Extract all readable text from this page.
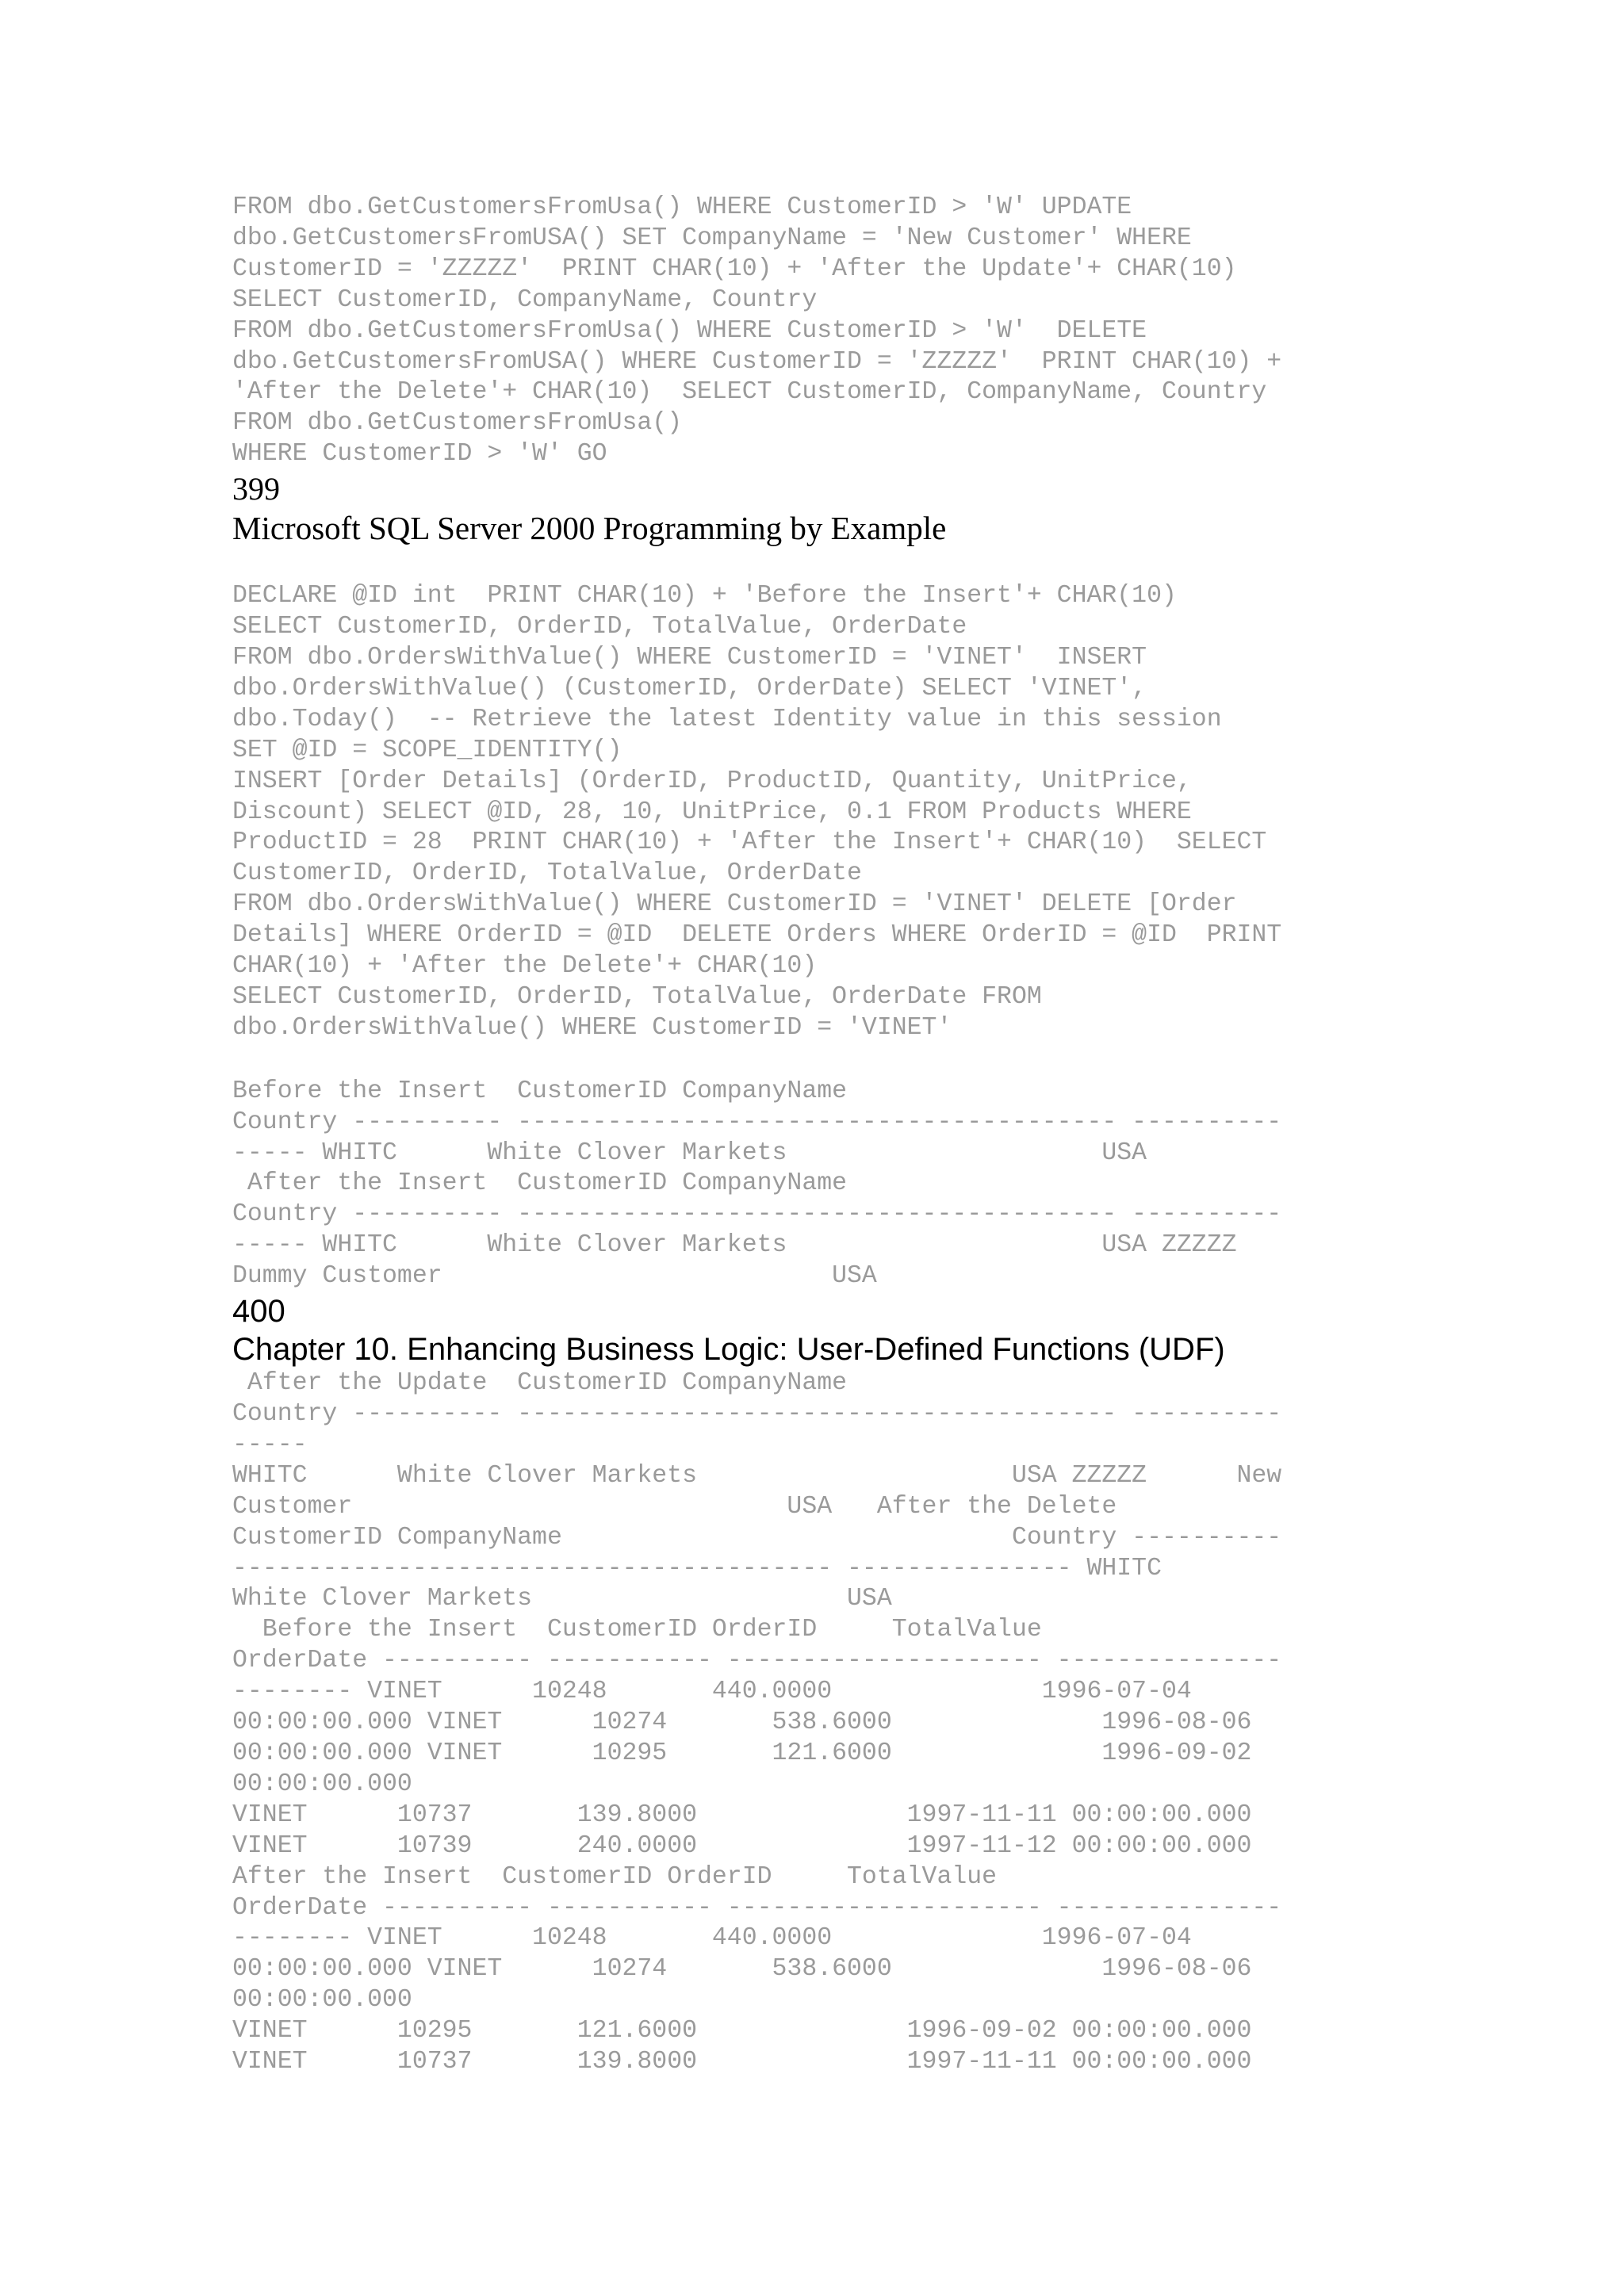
FROM dbo.GetCustomersFromUsa() WHERE CustomerID > 'W' UPDATE
dbo.GetCustomersFromUSA() SET CompanyName = 'New Customer' WHERE
CustomerID = 'ZZZZZ'  PRINT CHAR(10) + 'After the Update'+ CHAR(10)
SELECT CustomerID, CompanyName, Country
FROM dbo.GetCustomersFromUsa() WHERE CustomerID > 'W'  DELETE
dbo.GetCustomersFromUSA() WHERE CustomerID = 'ZZZZZ'  PRINT CHAR(10) +
'After the Delete'+ CHAR(10)  SELECT CustomerID, CompanyName, Country
FROM dbo.GetCustomersFromUsa()
WHERE CustomerID > 'W' GO
399
Microsoft SQL Server 2000 Programming by Example
DECLARE @ID int  PRINT CHAR(10) + 'Before the Insert'+ CHAR(10)
SELECT CustomerID, OrderID, TotalValue, OrderDate
FROM dbo.OrdersWithValue() WHERE CustomerID = 'VINET'  INSERT
dbo.OrdersWithValue() (CustomerID, OrderDate) SELECT 'VINET',
dbo.Today()  -- Retrieve the latest Identity value in this session
SET @ID = SCOPE_IDENTITY()
INSERT [Order Details] (OrderID, ProductID, Quantity, UnitPrice,
Discount) SELECT @ID, 28, 10, UnitPrice, 0.1 FROM Products WHERE
ProductID = 28  PRINT CHAR(10) + 'After the Insert'+ CHAR(10)  SELECT
CustomerID, OrderID, TotalValue, OrderDate
FROM dbo.OrdersWithValue() WHERE CustomerID = 'VINET' DELETE [Order
Details] WHERE OrderID = @ID  DELETE Orders WHERE OrderID = @ID  PRINT
CHAR(10) + 'After the Delete'+ CHAR(10)
SELECT CustomerID, OrderID, TotalValue, OrderDate FROM
dbo.OrdersWithValue() WHERE CustomerID = 'VINET'
Before the Insert  CustomerID CompanyName
Country ---------- ---------------------------------------- ----------
----- WHITC      White Clover Markets                     USA
After the Insert  CustomerID CompanyName
Country ---------- ---------------------------------------- ----------
----- WHITC      White Clover Markets                     USA ZZZZZ
Dummy Customer                          USA
400
Chapter 10. Enhancing Business Logic: User-Defined Functions (UDF)
After the Update  CustomerID CompanyName
Country ---------- ---------------------------------------- ----------
-----
WHITC      White Clover Markets                     USA ZZZZZ      New
Customer                             USA   After the Delete
CustomerID CompanyName                              Country ----------
---------------------------------------- --------------- WHITC
White Clover Markets                     USA
Before the Insert  CustomerID OrderID     TotalValue
OrderDate ---------- ----------- --------------------- ---------------
-------- VINET      10248       440.0000              1996-07-04
00:00:00.000 VINET      10274       538.6000              1996-08-06
00:00:00.000 VINET      10295       121.6000              1996-09-02
00:00:00.000
VINET      10737       139.8000              1997-11-11 00:00:00.000
VINET      10739       240.0000              1997-11-12 00:00:00.000
After the Insert  CustomerID OrderID     TotalValue
OrderDate ---------- ----------- --------------------- ---------------
-------- VINET      10248       440.0000              1996-07-04
00:00:00.000 VINET      10274       538.6000              1996-08-06
00:00:00.000
VINET      10295       121.6000              1996-09-02 00:00:00.000
VINET      10737       139.8000              1997-11-11 00:00:00.000
